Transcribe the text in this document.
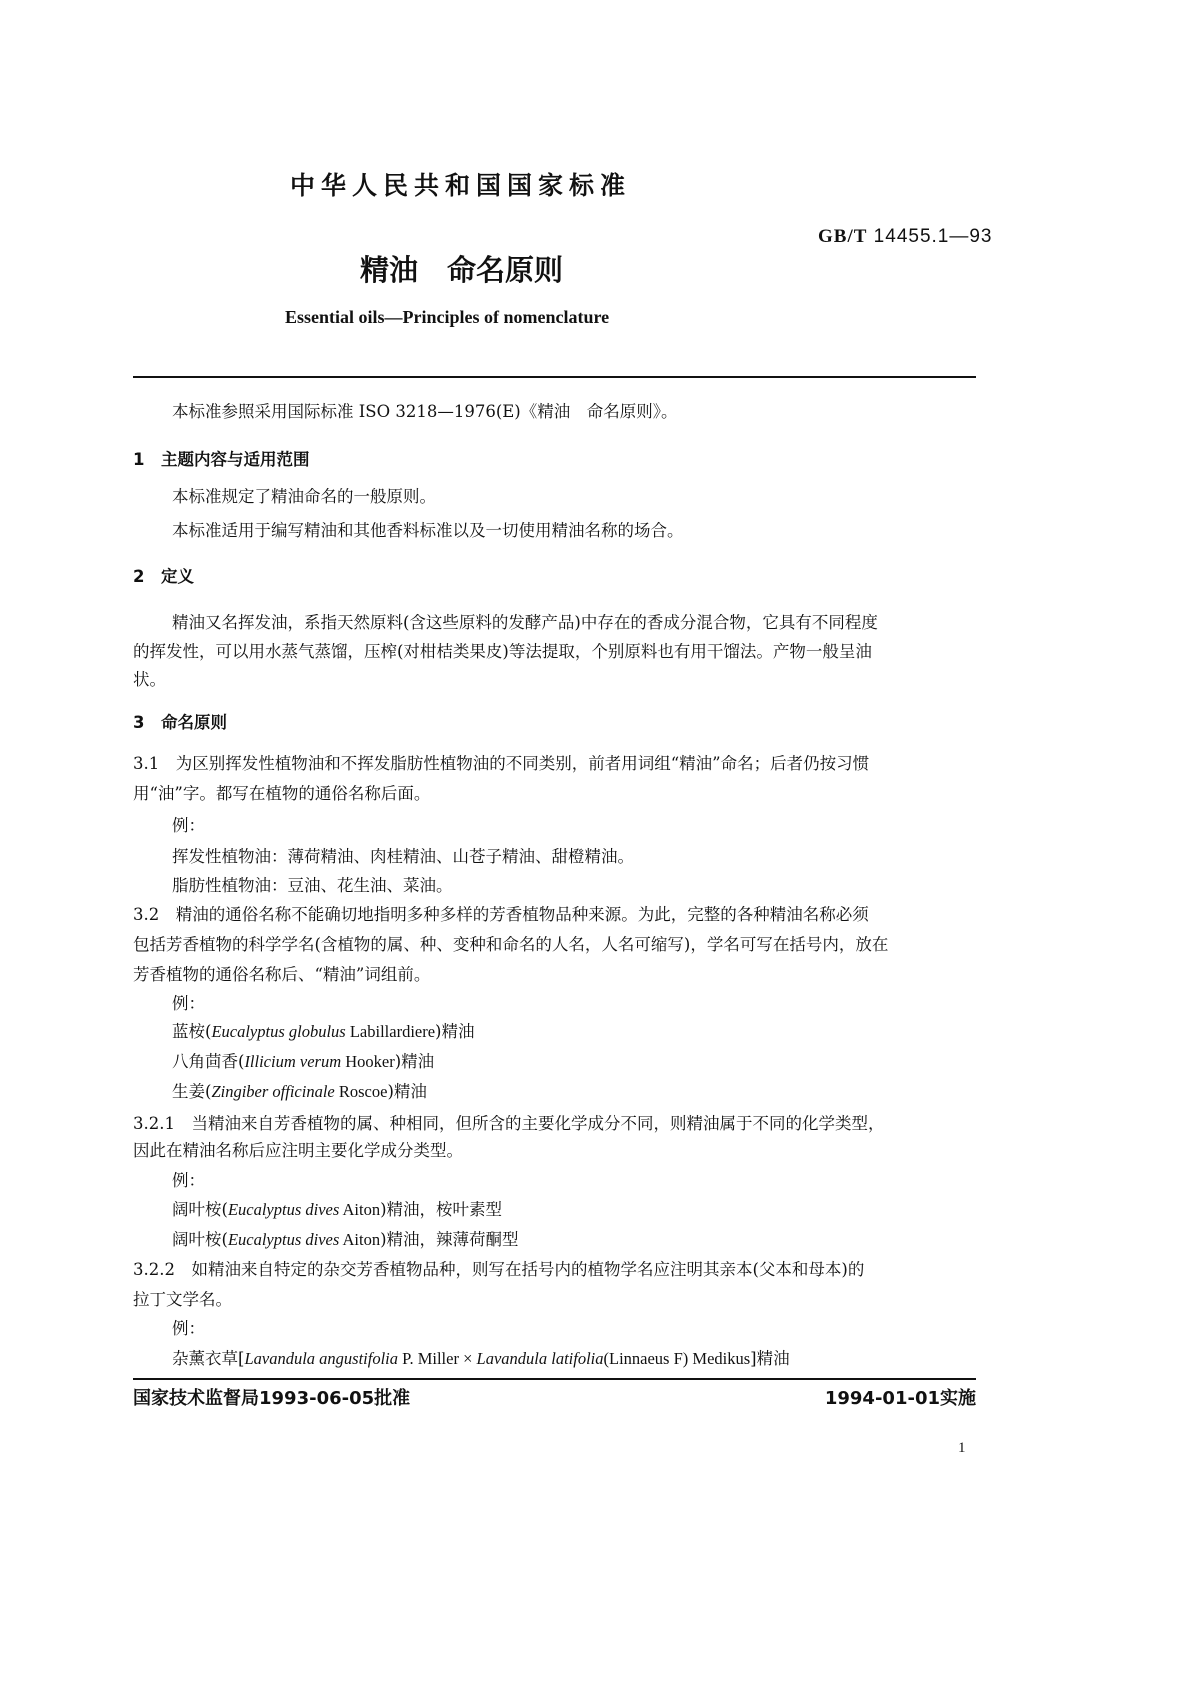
中华人民共和国国家标准
GB/T 14455.1—93
精油　命名原则
Essential oils—Principles of nomenclature
本标准参照采用国际标准 ISO 3218—1976(E)《精油　命名原则》。
1　主题内容与适用范围
本标准规定了精油命名的一般原则。
本标准适用于编写精油和其他香料标准以及一切使用精油名称的场合。
2　定义
精油又名挥发油，系指天然原料(含这些原料的发酵产品)中存在的香成分混合物，它具有不同程度
的挥发性，可以用水蒸气蒸馏，压榨(对柑桔类果皮)等法提取，个别原料也有用干馏法。产物一般呈油
状。
3　命名原则
3.1　为区别挥发性植物油和不挥发脂肪性植物油的不同类别，前者用词组“精油”命名；后者仍按习惯
用“油”字。都写在植物的通俗名称后面。
例：
挥发性植物油：薄荷精油、肉桂精油、山苍子精油、甜橙精油。
脂肪性植物油：豆油、花生油、菜油。
3.2　精油的通俗名称不能确切地指明多种多样的芳香植物品种来源。为此，完整的各种精油名称必须
包括芳香植物的科学学名(含植物的属、种、变种和命名的人名，人名可缩写)，学名可写在括号内，放在
芳香植物的通俗名称后、“精油”词组前。
例：
蓝桉(Eucalyptus globulus Labillardiere)精油
八角茴香(Illicium verum Hooker)精油
生姜(Zingiber officinale Roscoe)精油
3.2.1　当精油来自芳香植物的属、种相同，但所含的主要化学成分不同，则精油属于不同的化学类型，
因此在精油名称后应注明主要化学成分类型。
例：
阔叶桉(Eucalyptus dives Aiton)精油，桉叶素型
阔叶桉(Eucalyptus dives Aiton)精油，辣薄荷酮型
3.2.2　如精油来自特定的杂交芳香植物品种，则写在括号内的植物学名应注明其亲本(父本和母本)的
拉丁文学名。
例：
杂薰衣草[Lavandula angustifolia P. Miller × Lavandula latifolia(Linnaeus F) Medikus]精油
国家技术监督局1993-06-05批准	1994-01-01实施
1
